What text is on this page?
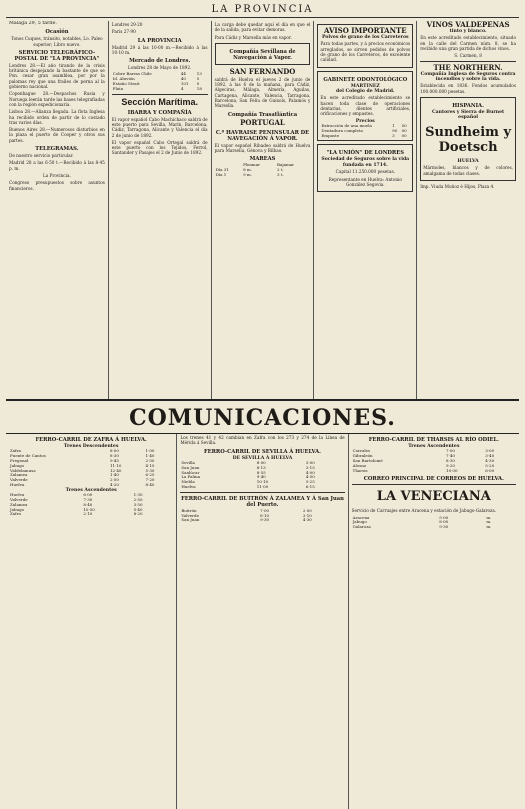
LA PROVINCIA
Málaga 29, 5 tarde.
Ocasión
Tonos Cuques, tránsito, notables, Lo. Paleo superior; Libro nuevo.
SERVICIO TELEGRÁFICO-POSTAL DE "LA PROVINCIA"
Londres 28.—El año tirando de la crisis británica despejando la bastante de que se Pon. cesar gran asamblea, por por la palomas rey que una frailes de perna al la gobierno nacional.
Copenhague 28.—Despachos Rusia y Noruega leerán tarde las bases telegrafiadas con la región expedicionaria.
Lisboa 28.—Alianza llegada. La flota Inglesa ha recibido orden de partir de lo costado tras varios días.
Buenos Aires 28.—Numerosos disturbios en la plaza el puerto de Cooper y otros sus partes.
TELEGRAMAS.
De nuestro servicio particular.
Madrid 28 a las 6·50 t.—Recibido á las 8·45 p. m.
La Provincia.
Congreso presupuestos sobre asuntos financieros.
Londres 29·20
Paris 27·90
LA PROVINCIA
Madrid 29 á las 10·00 m.—Recibido á las 10·10 m.
Mercado de Londres.
Londres 28 de Mayo de 1892.
Cobre Barras Chile	44	13
Id. Aluvión	40	5
Estaño Strait	101	0
Plata	4	18
Sección Marítima.
IBARRA Y COMPAÑÍA
El vapor español Cabo Machichaco saldrá de este puerto para Sevilla, Marín, Barcelona, Cádiz, Tarragona, Alicante y Valencia el día 2 de junio de 1892.
El vapor español Cabo Ortegal saldrá de este puerto con los Tejidos, Ferrol, Santander y Pasajes el 2 de Junio de 1892.
La carga debe quedar aquí el día en que el de la salida, para evitar demoras.
Para Cádiz y Marsella más en vapor.
Compañía Sevillana de Navegación á Vapor.
SAN FERNANDO
saldrá de Huelva el jueves 2 de junio de 1892, á las 6 de la mañana, para Cádiz, Algeciras, Málaga, Almería, Águilas, Cartagena, Alicante, Valencia, Tarragona, Barcelona, San Feliu de Guixols, Palamós y Marsella.
Compañía Trasatlántica
PORTUGAL
C.ª HAVRAISE PENINSULAR DE NAVEGACIÓN Á VAPOR.
El vapor español Ribadeo saldrá de Huelva para Marsella, Génova y Bilbao.
MAREAS
	Pleamar	Bajamar
Día 31	8 m.	2 t.
Día 1	9 m.	3 t.
AVISO IMPORTANTE
Polvos de grano de los Carreteros
Para todas partes, y á precios económicos arreglados, se sirven pedidos de polvos de grano de los Carreteros, de excelente calidad.
GABINETE ODONTOLÓGICO
MARTINEZ
del Colegio de Madrid.
En este acreditado establecimiento se hacen toda clase de operaciones dentarias, dientes artificiales, orificaciones y empastes.
Precios
Extracción de una muela	1	50
Dentadura completa	90	00
Empaste	3	00
"LA UNIÓN" DE LONDRES
Sociedad de Seguros sobre la vida fundada en 1714.
Capital 11.250.000 pesetas.
Representante en Huelva: Antonio González Segovia.
VINOS VALDEPEÑAS
tinto y blanco.
En este acreditado establecimiento, situado en la calle del Carmen núm. 8, se ha recibido una gran partida de dichos vinos.
S. Carmen, 8
THE NORTHERN.
Compañía Inglesa de Seguros contra incendios y sobre la vida.
Establecida en 1836. Fondos acumulados 100.000.000 pesetas.
HISPANIA.
Cantores y Sierra de Burnet español
Sundheim y Doetsch
HUELVA
Mármoles, blancos y de colores, amalgama de todas clases.
Imp. Viuda Muñoz é Hijos, Plaza 4.
COMUNICACIONES.
FERRO-CARRIL DE ZAFRA Á HUELVA.
Trenes Descendentes
Zafra	8·00	1·00
Fuente de Cantos	8·30	1·40
Fregenal	9·45	2·50
Jabugo	11·10	4·15
Valdelamusa	12·40	5·30
Zalamea	1·40	6·25
Valverde	2·50	7·20
Huelva	4·20	8·40
Trenes Ascendentes
Huelva	6·00	1·30
Valverde	7·30	2·50
Zalamea	8·40	3·50
Jabugo	10·50	5·40
Zafra	2·10	8·20
Los trenes 41 y 42 cambian en Zafra con los 273 y 274 de la Línea de Mérida á Sevilla.
FERRO-CARRIL DE SEVILLA Á HUELVA.
DE SEVILLA Á HUELVA
Sevilla	8·00	3·00
San Juan	8·13	3·15
Sanlúcar	8·55	4·00
La Palma	9·40	4·50
Niebla	10·10	5·25
Huelva	11·00	6·15
FERRO-CARRIL DE BUITRÓN Á ZALAMEA Y Á San Juan del Puerto.
Buitrón	7·00	2·00
Valverde	8·10	3·10
San Juan	9·30	4·30
FERRO-CARRIL DE THARSIS AL RÍO ODIEL.
Trenes Ascendentes
Corrales	7·00	3·00
Gibraleón	7·40	3·40
San Bartolomé	8·30	4·30
Alosno	9·20	5·20
Tharsis	10·00	6·00
CORREO PRINCIPAL DE CORREOS DE HUELVA.
LA VENECIANA
Servicio de Carruajes entre Aracena y estación de Jabugo-Galaroza.
Aracena	5·00	m.
Jabugo	8·00	m.
Galaroza	9·30	m.
